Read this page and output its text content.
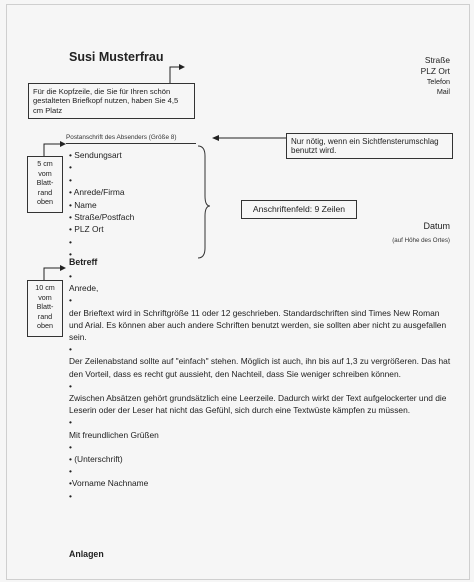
Susi Musterfrau	Straße
PLZ Ort
Telefon
Mail
Für die Kopfzeile, die Sie für Ihren schön gestalteten Briefkopf nutzen, haben Sie 4,5 cm Platz
Nur nötig, wenn ein Sichtfensterumschlag benutzt wird.
Postanschrift des Absenders (Größe 8)
5 cm
vom
Blatt-
rand
oben
• Sendungsart
•
•
• Anrede/Firma
• Name
• Straße/Postfach
• PLZ Ort
•
•
Anschriftenfeld: 9 Zeilen
Datum
(auf Höhe des Ortes)
Betreff
10 cm
vom
Blatt-
rand
oben
•
Anrede,
•
der Brieftext wird in Schriftgröße 11 oder 12 geschrieben. Standardschriften sind Times New Roman und Arial. Es können aber auch andere Schriften benutzt werden, sie sollten aber nicht zu ausgefallen sein.
•
Der Zeilenabstand sollte auf "einfach" stehen. Möglich ist auch, ihn bis auf 1,3 zu vergrößeren. Das hat den Vorteil, dass es recht gut aussieht, den Nachteil, dass Sie weniger schreiben können.
•
Zwischen Absätzen gehört grundsätzlich eine Leerzeile. Dadurch wirkt der Text aufgelockerter und die Leserin oder der Leser hat nicht das Gefühl, sich durch eine Textwüste kämpfen zu müssen.
•
Mit freundlichen Grüßen
•
• (Unterschrift)
•
•Vorname Nachname
•
Anlagen
